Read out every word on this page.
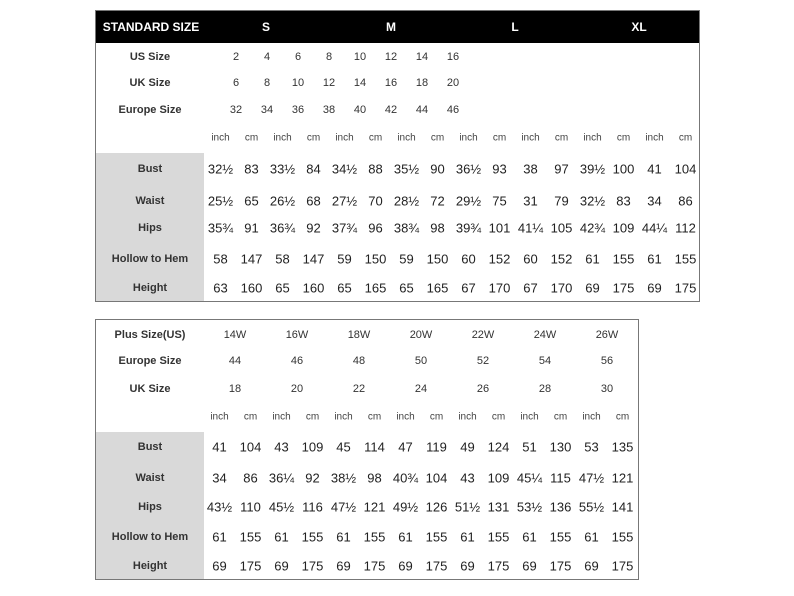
STANDARD SIZE	S	M	L	XL
US Size	2 4 6 8 10 12 14 16
UK Size	6 8 10 12 14 16 18 20
Europe Size	32 34 36 38 40 42 44 46
inch cm inch cm inch cm inch cm inch cm inch cm inch cm inch cm
Bust	32½ 83 33½ 84 34½ 88 35½ 90 36½ 93 38 97 39½ 100 41 104
Waist	25½ 65 26½ 68 27½ 70 28½ 72 29½ 75 31 79 32½ 83 34 86
Hips	35¾ 91 36¾ 92 37¾ 96 38¾ 98 39¾ 101 41¼ 105 42¾ 109 44¼ 112
Hollow to Hem	58 147 58 147 59 150 59 150 60 152 60 152 61 155 61 155
Height	63 160 65 160 65 165 65 165 67 170 67 170 69 175 69 175
Plus Size(US)	14W	16W	18W	20W	22W	24W	26W
Europe Size	44	46	48	50	52	54	56
UK Size	18	20	22	24	26	28	30
inch cm inch cm inch cm inch cm inch cm inch cm inch cm
Bust	41 104 43 109 45 114 47 119 49 124 51 130 53 135
Waist	34 86 36¼ 92 38½ 98 40¾ 104 43 109 45¼ 115 47½ 121
Hips	43½ 110 45½ 116 47½ 121 49½ 126 51½ 131 53½ 136 55½ 141
Hollow to Hem	61 155 61 155 61 155 61 155 61 155 61 155 61 155
Height	69 175 69 175 69 175 69 175 69 175 69 175 69 175
